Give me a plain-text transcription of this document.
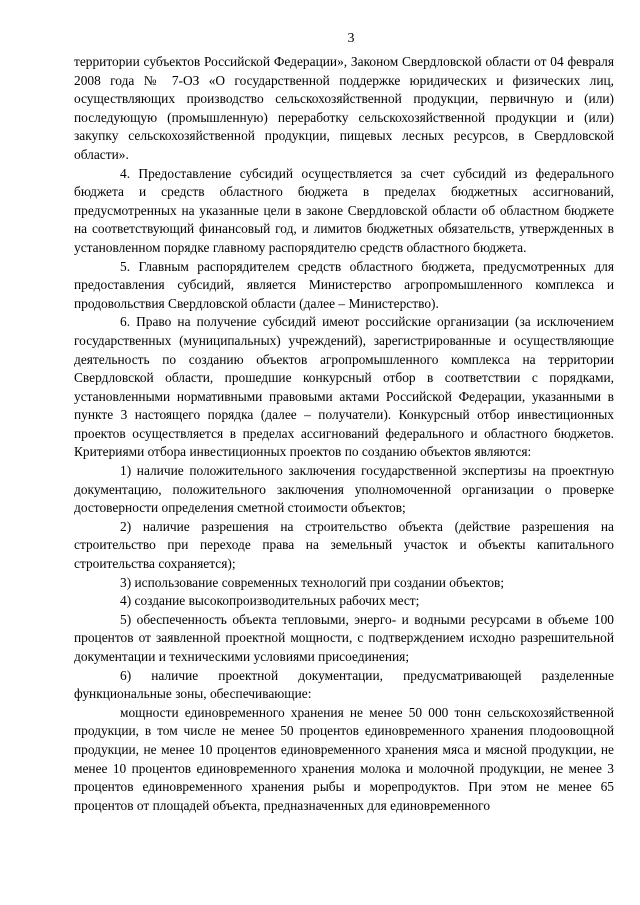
3

территории субъектов Российской Федерации», Законом Свердловской области от 04 февраля 2008 года № 7-ОЗ «О государственной поддержке юридических и физических лиц, осуществляющих производство сельскохозяйственной продукции, первичную и (или) последующую (промышленную) переработку сельскохозяйственной продукции и (или) закупку сельскохозяйственной продукции, пищевых лесных ресурсов, в Свердловской области».

4. Предоставление субсидий осуществляется за счет субсидий из федерального бюджета и средств областного бюджета в пределах бюджетных ассигнований, предусмотренных на указанные цели в законе Свердловской области об областном бюджете на соответствующий финансовый год, и лимитов бюджетных обязательств, утвержденных в установленном порядке главному распорядителю средств областного бюджета.

5. Главным распорядителем средств областного бюджета, предусмотренных для предоставления субсидий, является Министерство агропромышленного комплекса и продовольствия Свердловской области (далее – Министерство).

6. Право на получение субсидий имеют российские организации (за исключением государственных (муниципальных) учреждений), зарегистрированные и осуществляющие деятельность по созданию объектов агропромышленного комплекса на территории Свердловской области, прошедшие конкурсный отбор в соответствии с порядками, установленными нормативными правовыми актами Российской Федерации, указанными в пункте 3 настоящего порядка (далее – получатели). Конкурсный отбор инвестиционных проектов осуществляется в пределах ассигнований федерального и областного бюджетов. Критериями отбора инвестиционных проектов по созданию объектов являются:

1) наличие положительного заключения государственной экспертизы на проектную документацию, положительного заключения уполномоченной организации о проверке достоверности определения сметной стоимости объектов;

2) наличие разрешения на строительство объекта (действие разрешения на строительство при переходе права на земельный участок и объекты капитального строительства сохраняется);

3) использование современных технологий при создании объектов;

4) создание высокопроизводительных рабочих мест;

5) обеспеченность объекта тепловыми, энерго- и водными ресурсами в объеме 100 процентов от заявленной проектной мощности, с подтверждением исходно разрешительной документации и техническими условиями присоединения;

6) наличие проектной документации, предусматривающей разделенные функциональные зоны, обеспечивающие:

мощности единовременного хранения не менее 50 000 тонн сельскохозяйственной продукции, в том числе не менее 50 процентов единовременного хранения плодоовощной продукции, не менее 10 процентов единовременного хранения мяса и мясной продукции, не менее 10 процентов единовременного хранения молока и молочной продукции, не менее 3 процентов единовременного хранения рыбы и морепродуктов. При этом не менее 65 процентов от площадей объекта, предназначенных для единовременного
